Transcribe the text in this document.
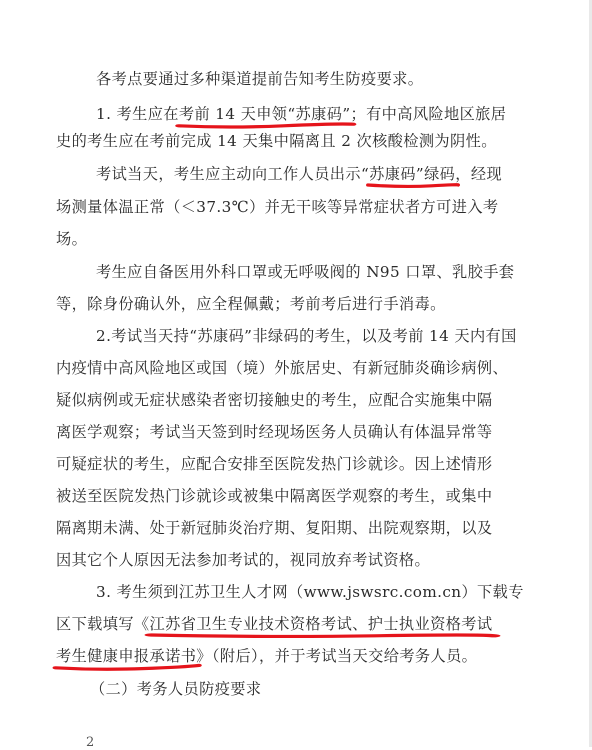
各考点要通过多种渠道提前告知考生防疫要求。
1. 考生应在考前 14 天申领“苏康码”
；有中高风险地区旅居
史的考生应在考前完成 14 天集中隔离且 2 次核酸检测为阴性。
考试当天，考生应主动向工作人员出示“苏康码”绿码
，经现
场测量体温正常（＜37.3℃）并无干咳等异常症状者方可进入考
场。
考生应自备医用外科口罩或无呼吸阀的 N95 口罩、乳胶手套
等，除身份确认外，应全程佩戴；考前考后进行手消毒。
2.考试当天持“苏康码”非绿码的考生，以及考前 14 天内有国
内疫情中高风险地区或国（境）外旅居史、有新冠肺炎确诊病例、
疑似病例或无症状感染者密切接触史的考生，应配合实施集中隔
离医学观察；考试当天签到时经现场医务人员确认有体温异常等
可疑症状的考生，应配合安排至医院发热门诊就诊。因上述情形
被送至医院发热门诊就诊或被集中隔离医学观察的考生，或集中
隔离期未满、处于新冠肺炎治疗期、复阳期、出院观察期，以及
因其它个人原因无法参加考试的，视同放弃考试资格。
3. 考生须到江苏卫生人才网（www.jswsrc.com.cn）下载专
区下载填写《江苏省卫生专业技术资格考试、护士执业资格考试
考生健康申报承诺书
》（附后），并于考试当天交给考务人员。
（二）考务人员防疫要求
2
